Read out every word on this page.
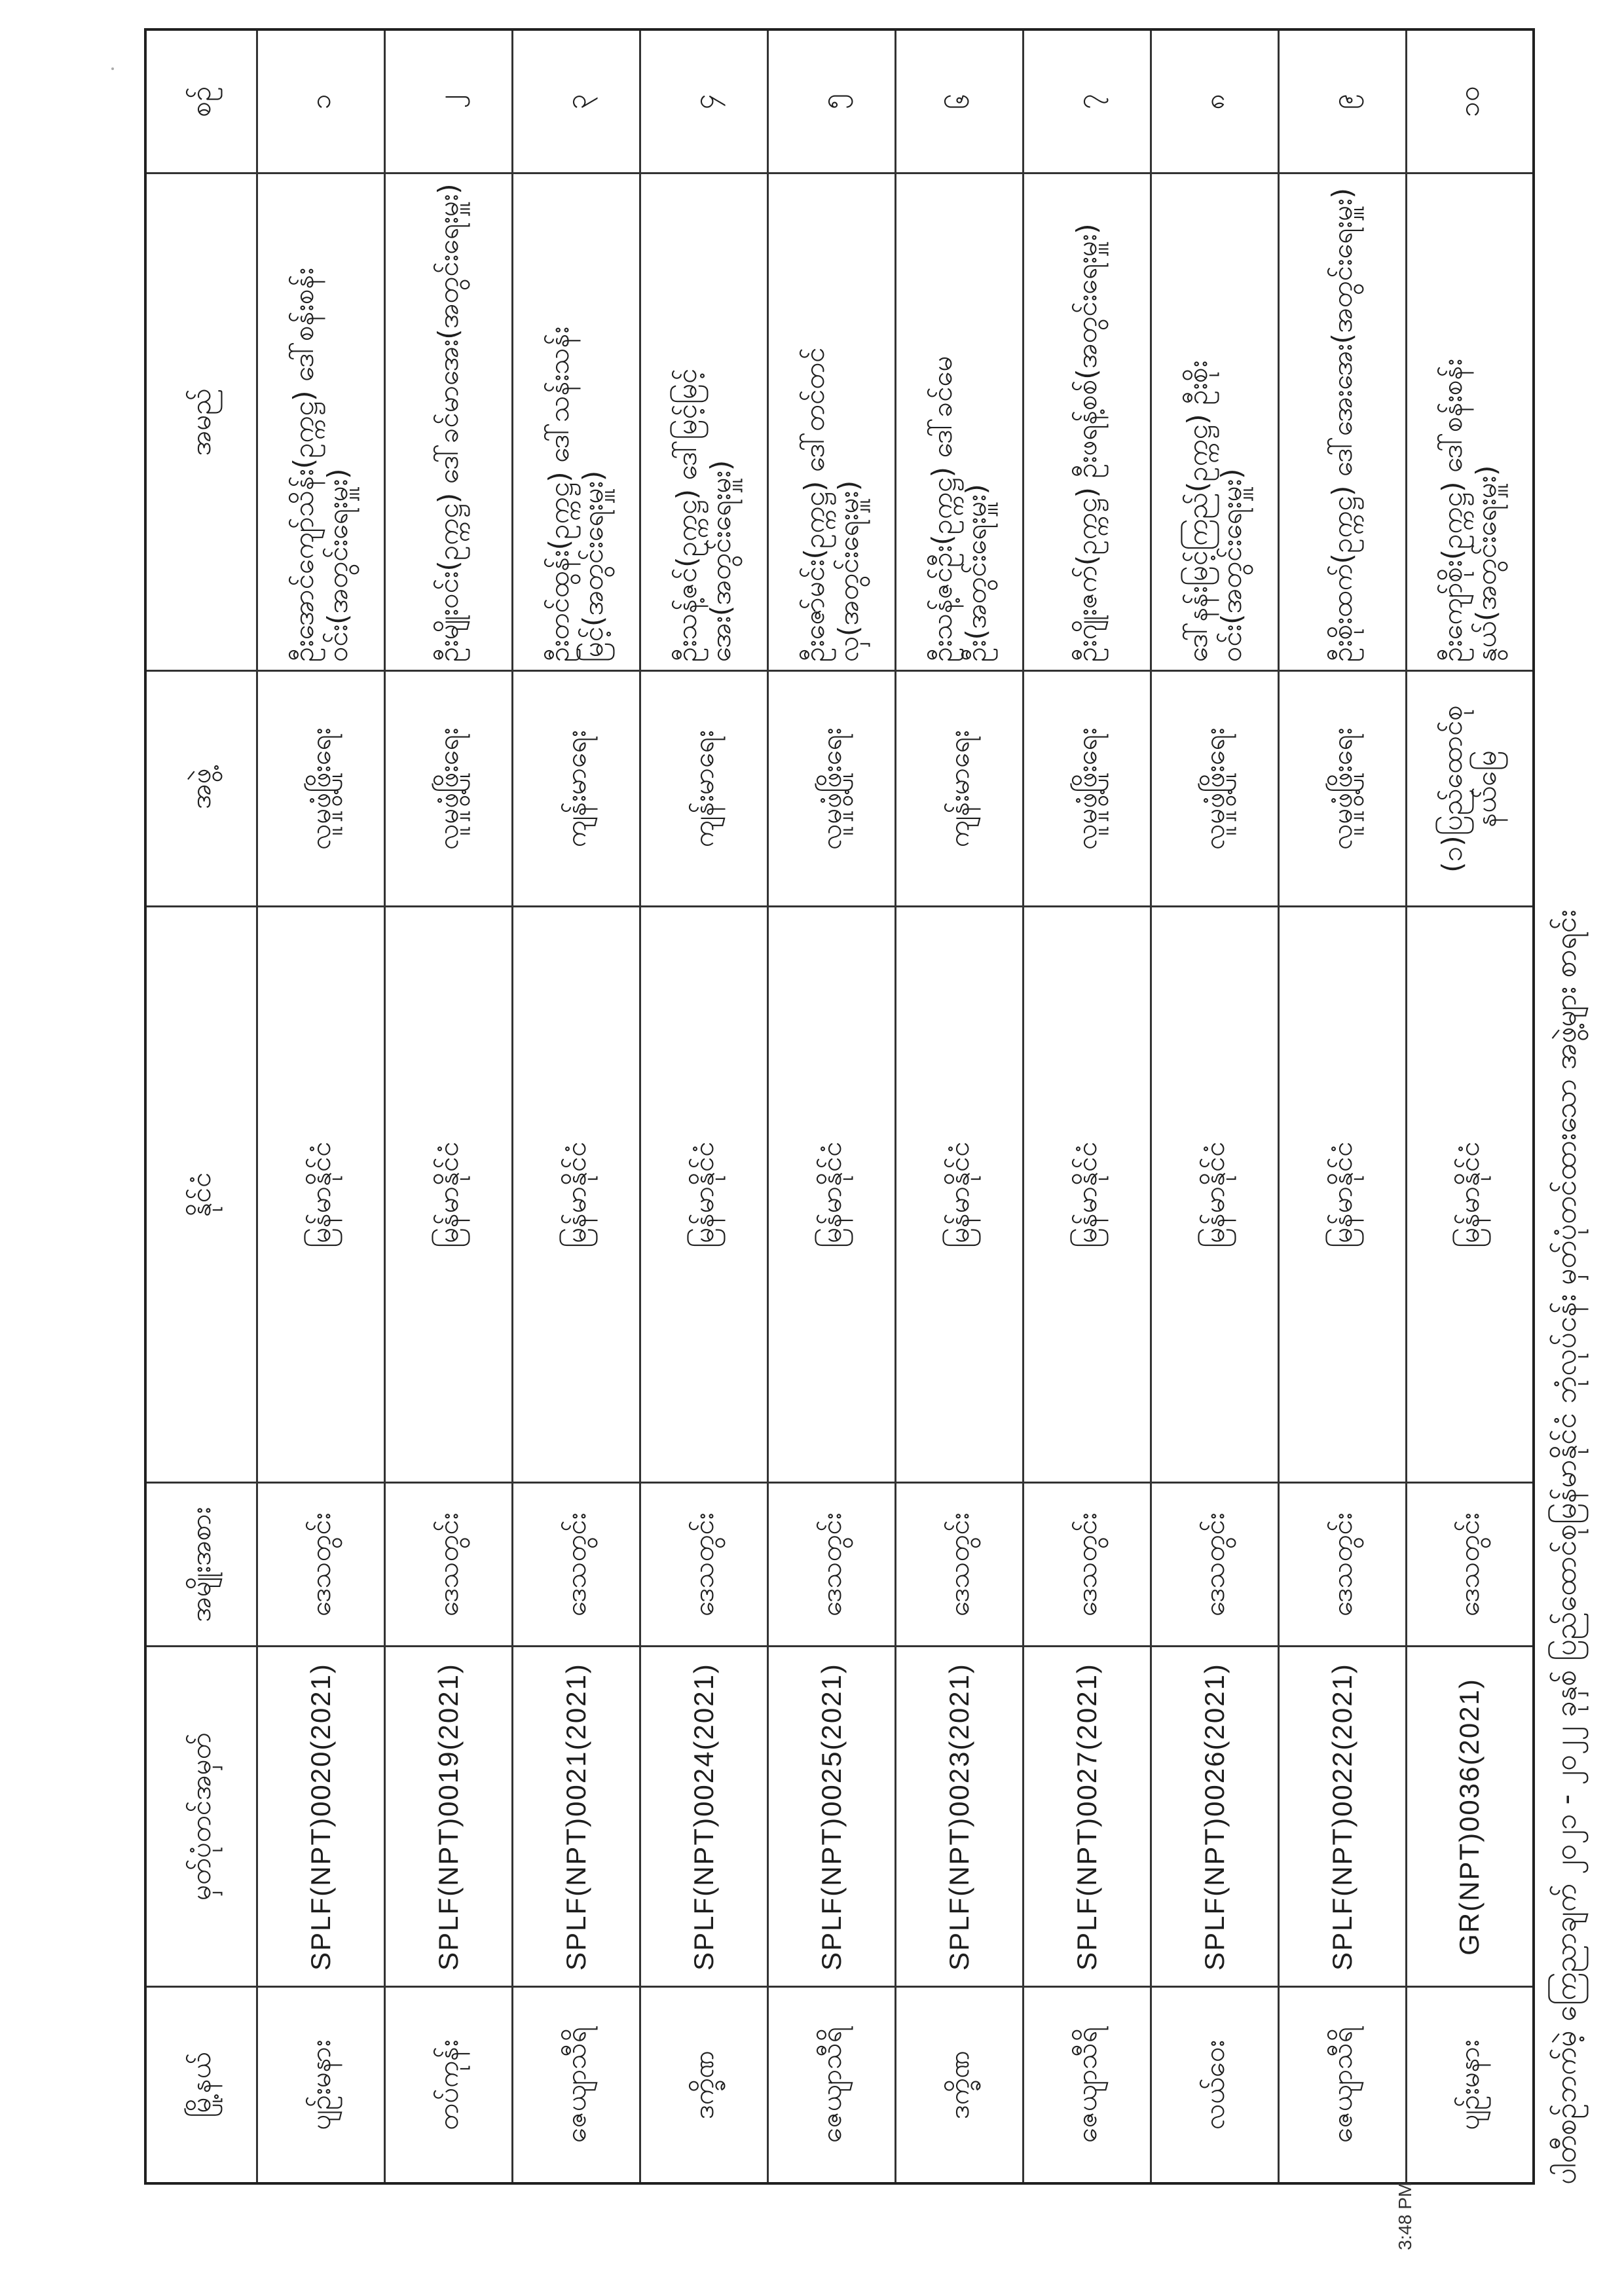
ပါတီစဉ်ဘက်မဲ့ ကြေညာချက် ၂၀၂၁ - ၂၀၂၂ ခုနှစ် ပြည်ထောင်စုမြန်မာနိုင်ငံ ဘုံလုပ်ငန်း မှတ်ပုံတင်ထားသော အဖွဲ့များ စာရင်း
မြို့နယ်	မှတ်ပုံတင်အမှတ်	အမျိုးအစား	နိုင်ငံ	အဖွဲ့	အမည်	စဉ်
ပျဉ်းမနား	SPLF(NPT)0020(2021)	ဒေသတွင်း	မြန်မာနိုင်ငံ	လူမှုဖွံ့ဖြိုးရေး	ဦးအောင်ကျော်သိန်း(ဥက္ကဋ္ဌ) ဒေါ်စန်းစန်းဝင်း(အတွင်းရေးမှူး)	၁
တပ်ကုန်း	SPLF(NPT)0019(2021)	ဒေသတွင်း	မြန်မာနိုင်ငံ	လူမှုဖွံ့ဖြိုးရေး	ဦးမျိုးဝင်း(ဥက္ကဋ္ဌ) ဒေါ်ခင်မာအေး(အတွင်းရေးမှူး)	၂
ဇေယျာသီရိ	SPLF(NPT)0021(2021)	ဒေသတွင်း	မြန်မာနိုင်ငံ	ကျန်းမာရေး	ဦးတင်ထွန်း(ဥက္ကဋ္ဌ) ဒေါ်သန်းသန်းမြင့်(အတွင်းရေးမှူး)	၃
ဒက္ခိဏ	SPLF(NPT)0024(2021)	ဒေသတွင်း	မြန်မာနိုင်ငံ	ကျန်းမာရေး	ဦးသန့်ဇင်(ဥက္ကဋ္ဌ) ဒေါ်မြင့်မြင့်အေး(အတွင်းရေးမှူး)	၄
ဇေယျာသီရိ	SPLF(NPT)0025(2021)	ဒေသတွင်း	မြန်မာနိုင်ငံ	လူမှုဖွံ့ဖြိုးရေး	ဦးဇော်မင်း(ဥက္ကဋ္ဌ) ဒေါ်တင်တင်လှ(အတွင်းရေးမှူး)	၅
ဒက္ခိဏ	SPLF(NPT)0023(2021)	ဒေသတွင်း	မြန်မာနိုင်ငံ	ကျန်းမာရေး	ဦးသန့်ဇင်ဦး(ဥက္ကဋ္ဌ) ဒေါ်ခင်မေဦး(အတွင်းရေးမှူး)	၆
ဇေယျာသီရိ	SPLF(NPT)0027(2021)	ဒေသတွင်း	မြန်မာနိုင်ငံ	လူမှုဖွံ့ဖြိုးရေး	ဦးဂျိုးဇက်(ဥက္ကဋ္ဌ) ဦးဖရန့်စစ်(အတွင်းရေးမှူး)	၇
လယ်ဝေး	SPLF(NPT)0026(2021)	ဒေသတွင်း	မြန်မာနိုင်ငံ	လူမှုဖွံ့ဖြိုးရေး	ဒေါ်နန်းမြင့်ကြည်(ဥက္ကဋ္ဌ) ဦးစိုးဝင်း(အတွင်းရေးမှူး)	၈
ဇေယျာသီရိ	SPLF(NPT)0022(2021)	ဒေသတွင်း	မြန်မာနိုင်ငံ	လူမှုဖွံ့ဖြိုးရေး	ဦးစိုးထက်(ဥက္ကဋ္ဌ) ဒေါ်အေးအေး(အတွင်းရေးမှူး)	၉
ပျဉ်းမနား	GR(NPT)0036(2021)	ဒေသတွင်း	မြန်မာနိုင်ငံ	(၁)ပြည်ထောင်စုနယ်မြေ	ဦးကျော်စိုး(ဥက္ကဋ္ဌ) ဒေါ်စန်းစန်းနွယ်(အတွင်းရေးမှူး)	၁၀
3:48 PM
